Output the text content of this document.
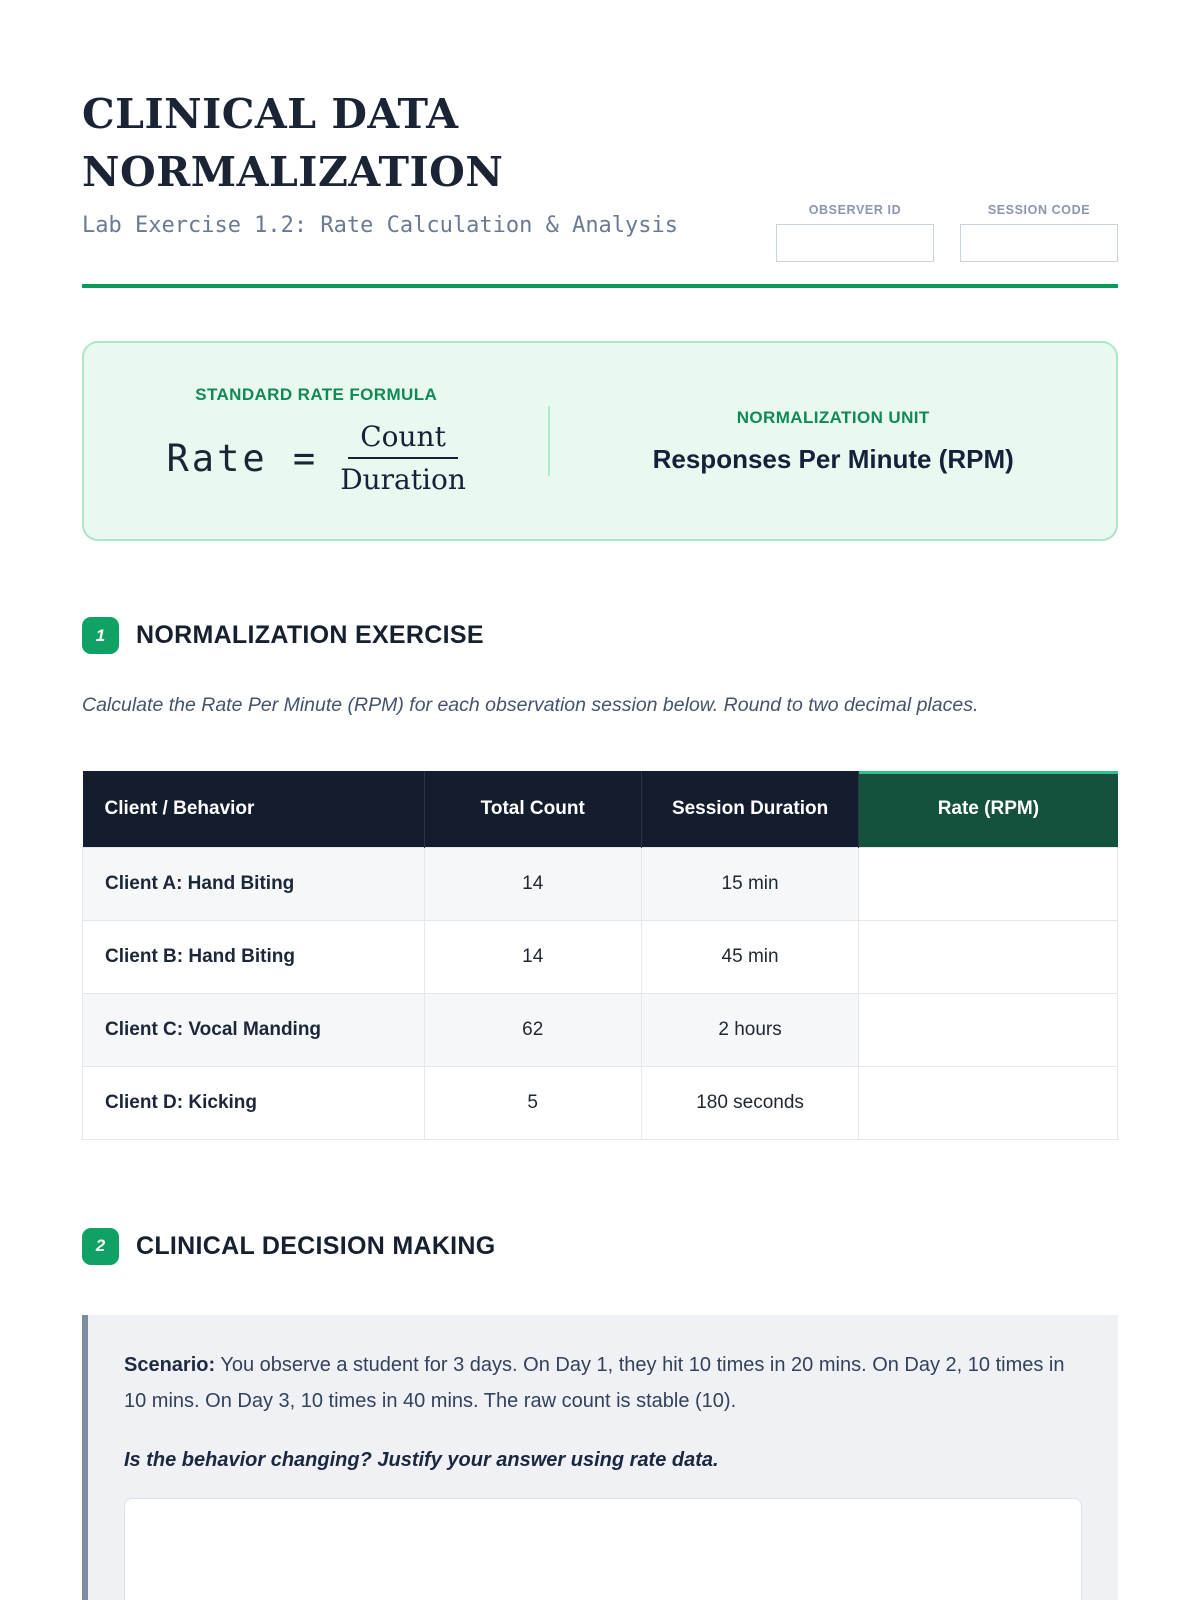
CLINICAL DATA
NORMALIZATION
Lab Exercise 1.2: Rate Calculation & Analysis
OBSERVER ID	SESSION CODE
STANDARD RATE FORMULA
Rate = $\frac{\text{Count}}{\text{Duration}}$
NORMALIZATION UNIT
Responses Per Minute (RPM)
1	NORMALIZATION EXERCISE

Calculate the Rate Per Minute (RPM) for each observation session below. Round to two decimal places.

Client / Behavior	Total Count	Session Duration	Rate (RPM)
Client A: Hand Biting	14	15 min	
Client B: Hand Biting	14	45 min	
Client C: Vocal Manding	62	2 hours	
Client D: Kicking	5	180 seconds	
2	CLINICAL DECISION MAKING

Scenario: You observe a student for 3 days. On Day 1, they hit 10 times in 20 mins. On Day 2, 10 times in 10 mins. On Day 3, 10 times in 40 mins. The raw count is stable (10).

Is the behavior changing? Justify your answer using rate data.
